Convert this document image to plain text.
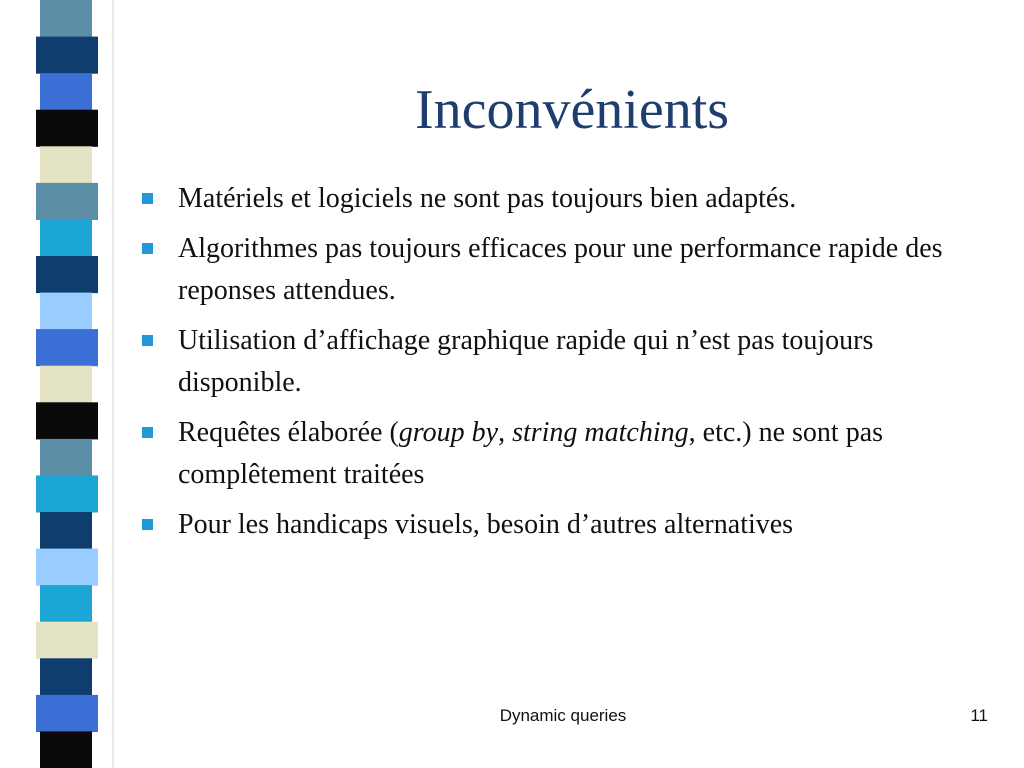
Inconvénients
Matériels et logiciels ne sont pas toujours bien adaptés.
Algorithmes pas toujours efficaces pour une performance rapide des reponses attendues.
Utilisation d’affichage graphique rapide qui n’est pas toujours disponible.
Requêtes élaborée (group by, string matching, etc.) ne sont pas complêtement traitées
Pour les handicaps visuels, besoin d’autres alternatives
Dynamic queries	11
